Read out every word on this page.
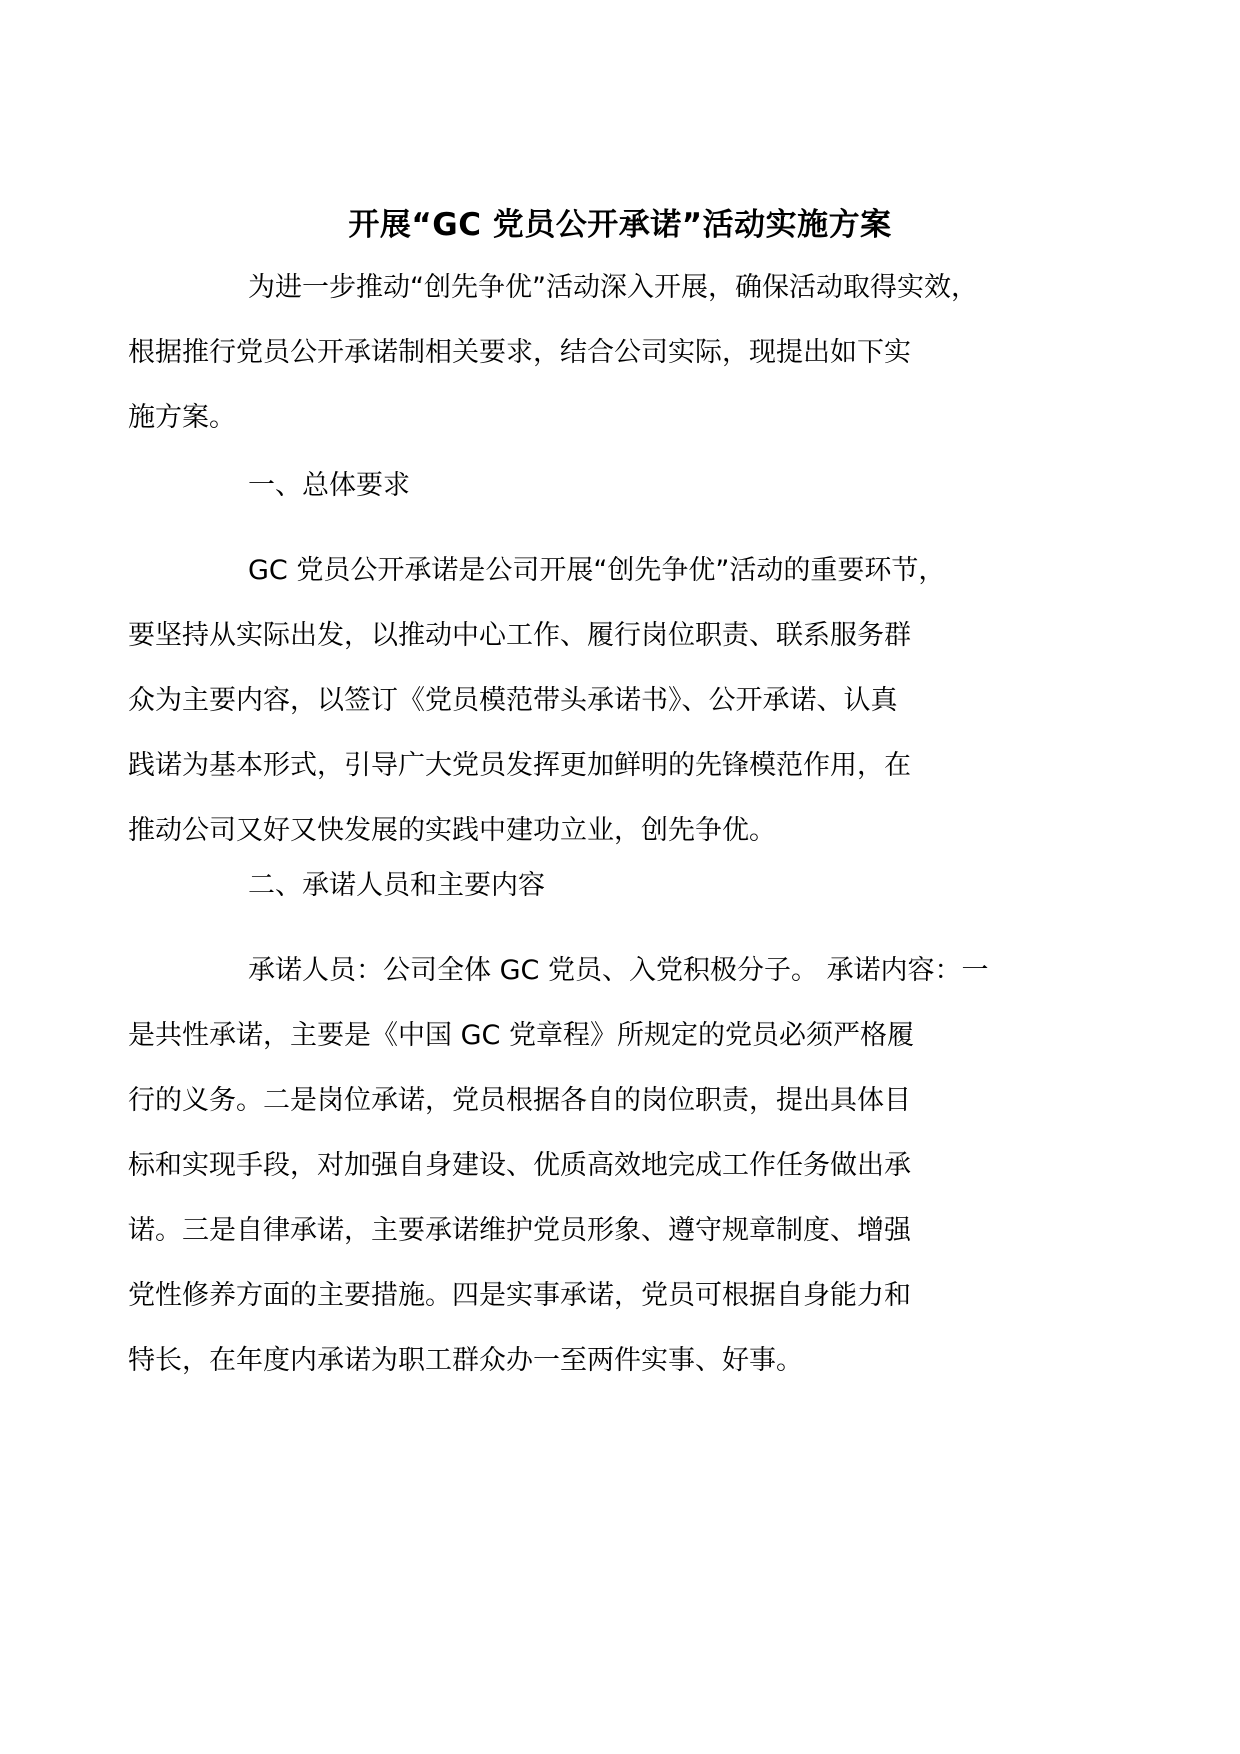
开展“GC 党员公开承诺”活动实施方案
为进一步推动“创先争优”活动深入开展，确保活动取得实效，
根据推行党员公开承诺制相关要求，结合公司实际，现提出如下实
施方案。
一、总体要求
GC 党员公开承诺是公司开展“创先争优”活动的重要环节，
要坚持从实际出发，以推动中心工作、履行岗位职责、联系服务群
众为主要内容，以签订《党员模范带头承诺书》、公开承诺、认真
践诺为基本形式，引导广大党员发挥更加鲜明的先锋模范作用，在
推动公司又好又快发展的实践中建功立业，创先争优。
二、承诺人员和主要内容
承诺人员：公司全体 GC 党员、入党积极分子。 承诺内容：一
是共性承诺，主要是《中国 GC 党章程》所规定的党员必须严格履
行的义务。二是岗位承诺，党员根据各自的岗位职责，提出具体目
标和实现手段，对加强自身建设、优质高效地完成工作任务做出承
诺。三是自律承诺，主要承诺维护党员形象、遵守规章制度、增强
党性修养方面的主要措施。四是实事承诺，党员可根据自身能力和
特长，在年度内承诺为职工群众办一至两件实事、好事。
